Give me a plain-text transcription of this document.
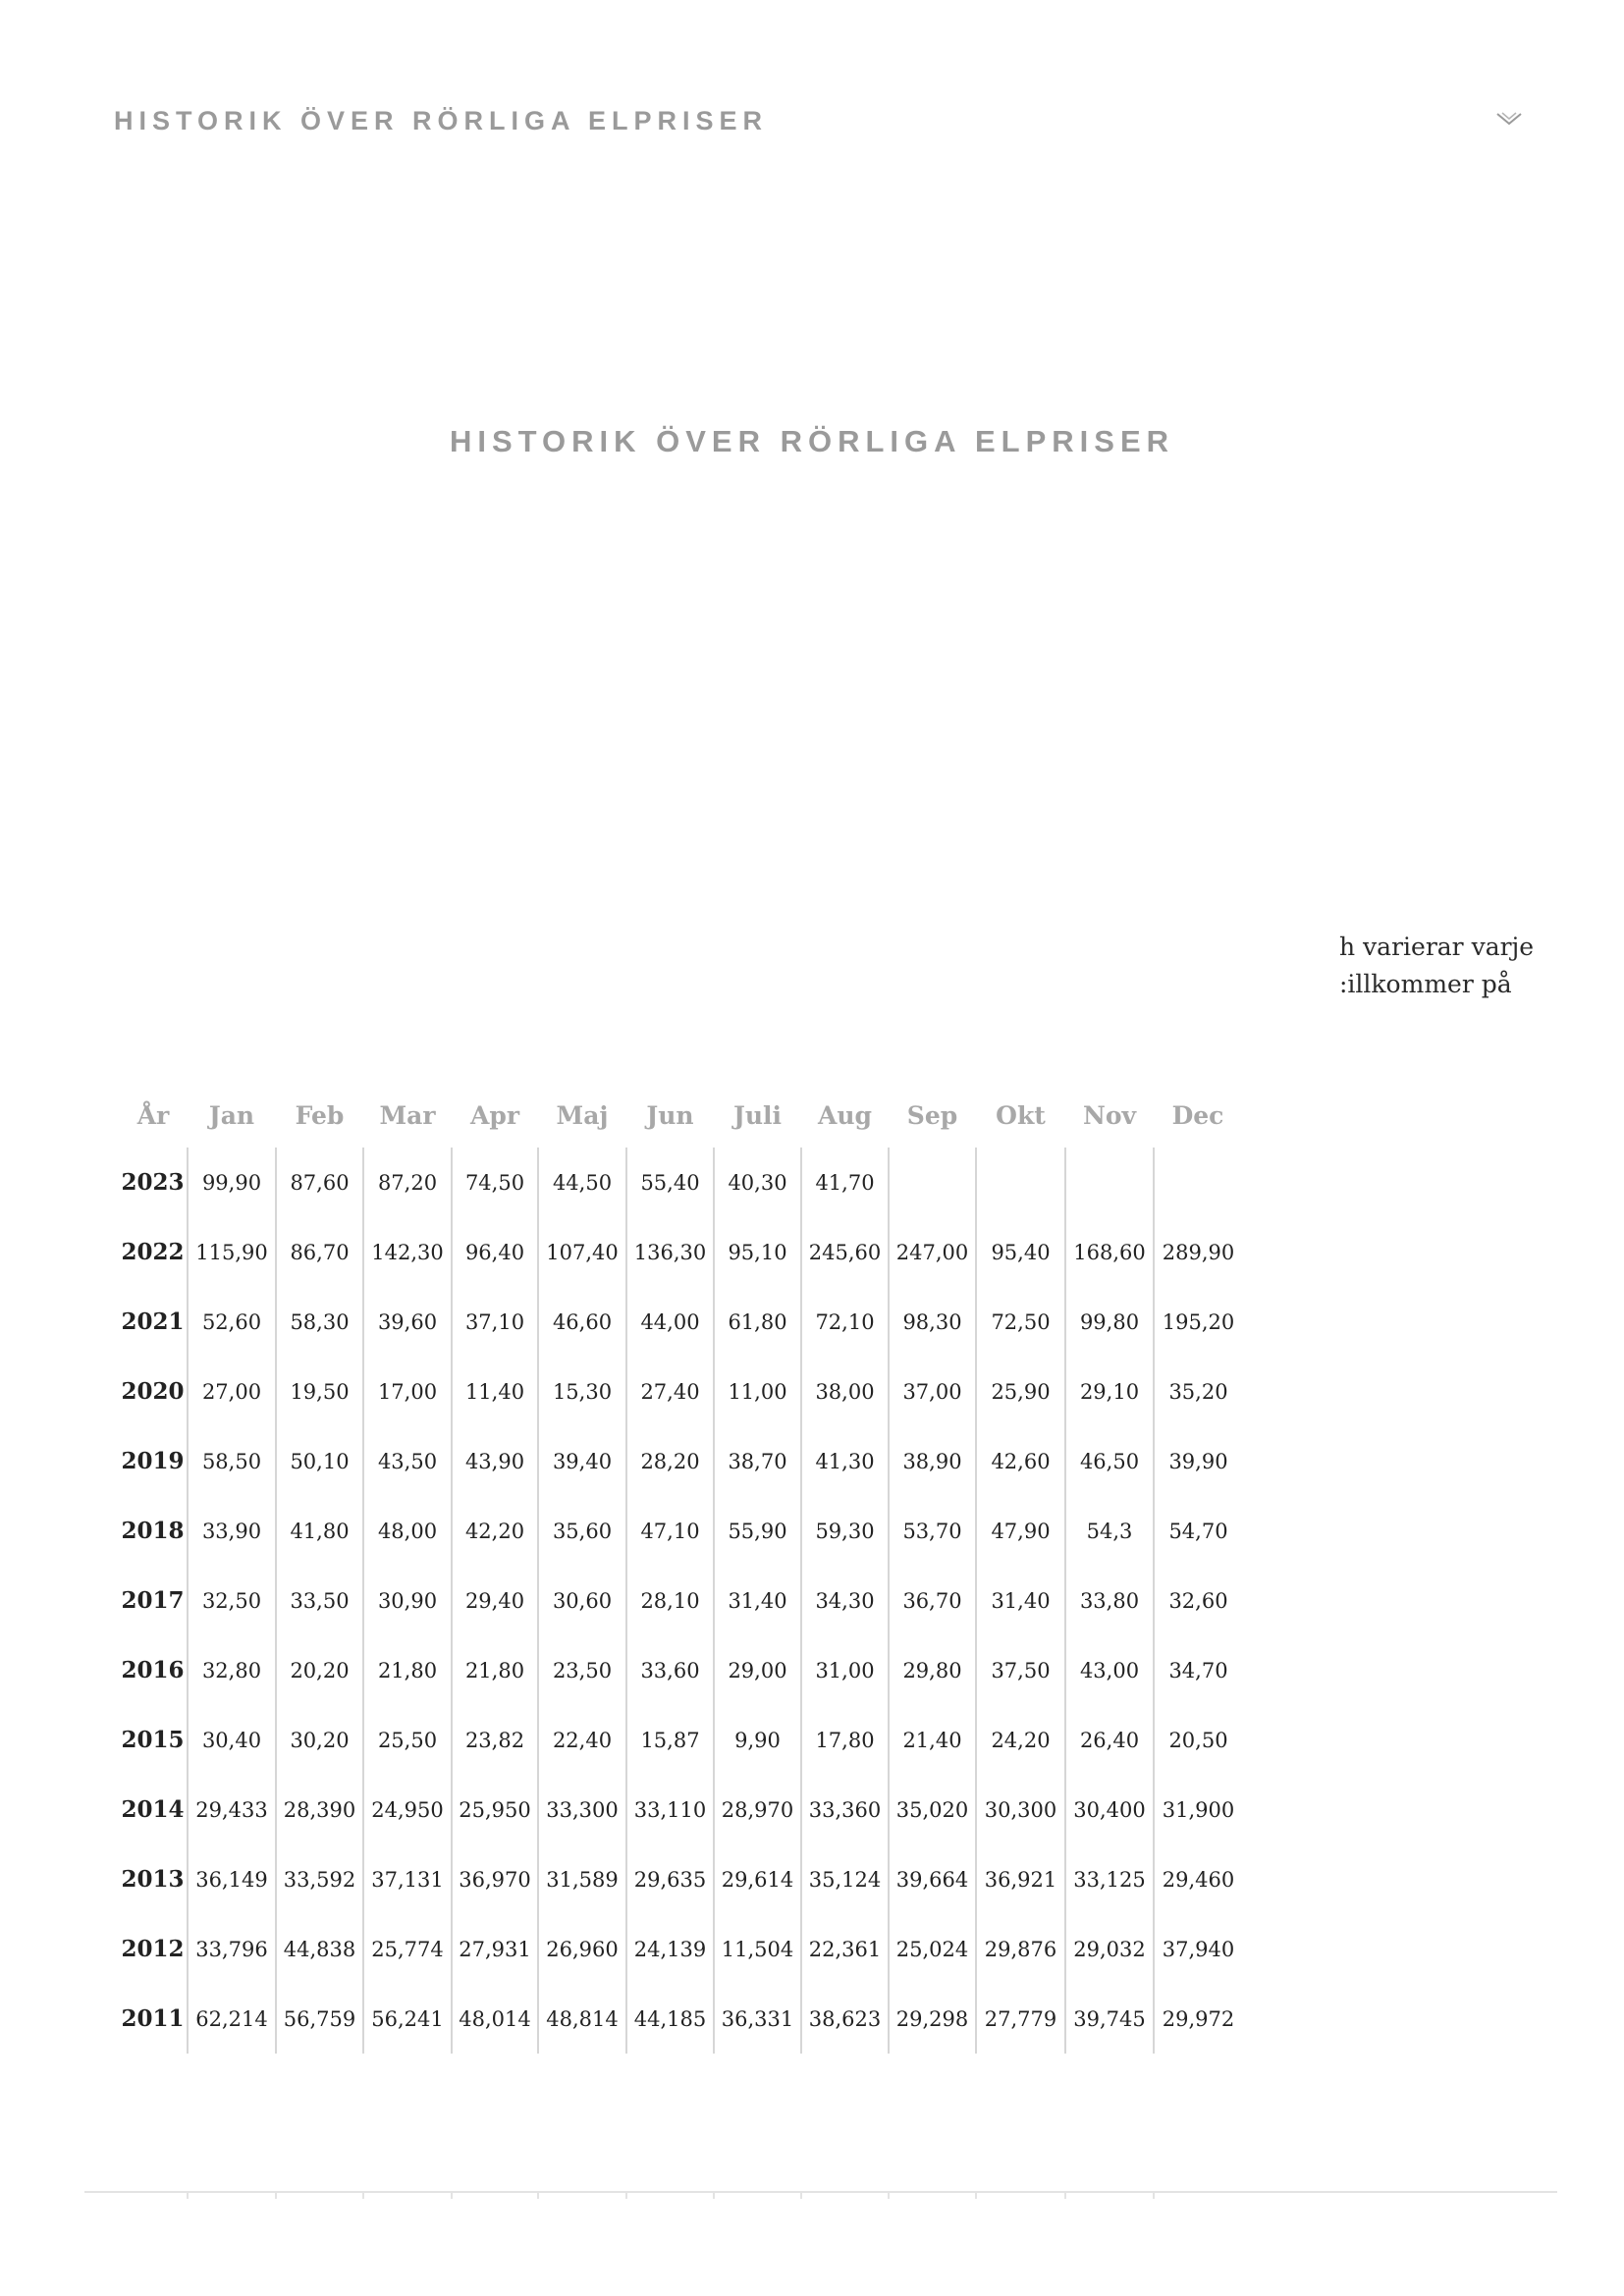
HISTORIK ÖVER RÖRLIGA ELPRISER
HISTORIK ÖVER RÖRLIGA ELPRISER
h varierar varje
:illkommer på
År	Jan	Feb	Mar	Apr	Maj	Jun	Juli	Aug	Sep	Okt	Nov	Dec
2023	99,90	87,60	87,20	74,50	44,50	55,40	40,30	41,70				
2022	115,90	86,70	142,30	96,40	107,40	136,30	95,10	245,60	247,00	95,40	168,60	289,90
2021	52,60	58,30	39,60	37,10	46,60	44,00	61,80	72,10	98,30	72,50	99,80	195,20
2020	27,00	19,50	17,00	11,40	15,30	27,40	11,00	38,00	37,00	25,90	29,10	35,20
2019	58,50	50,10	43,50	43,90	39,40	28,20	38,70	41,30	38,90	42,60	46,50	39,90
2018	33,90	41,80	48,00	42,20	35,60	47,10	55,90	59,30	53,70	47,90	54,3	54,70
2017	32,50	33,50	30,90	29,40	30,60	28,10	31,40	34,30	36,70	31,40	33,80	32,60
2016	32,80	20,20	21,80	21,80	23,50	33,60	29,00	31,00	29,80	37,50	43,00	34,70
2015	30,40	30,20	25,50	23,82	22,40	15,87	9,90	17,80	21,40	24,20	26,40	20,50
2014	29,433	28,390	24,950	25,950	33,300	33,110	28,970	33,360	35,020	30,300	30,400	31,900
2013	36,149	33,592	37,131	36,970	31,589	29,635	29,614	35,124	39,664	36,921	33,125	29,460
2012	33,796	44,838	25,774	27,931	26,960	24,139	11,504	22,361	25,024	29,876	29,032	37,940
2011	62,214	56,759	56,241	48,014	48,814	44,185	36,331	38,623	29,298	27,779	39,745	29,972
